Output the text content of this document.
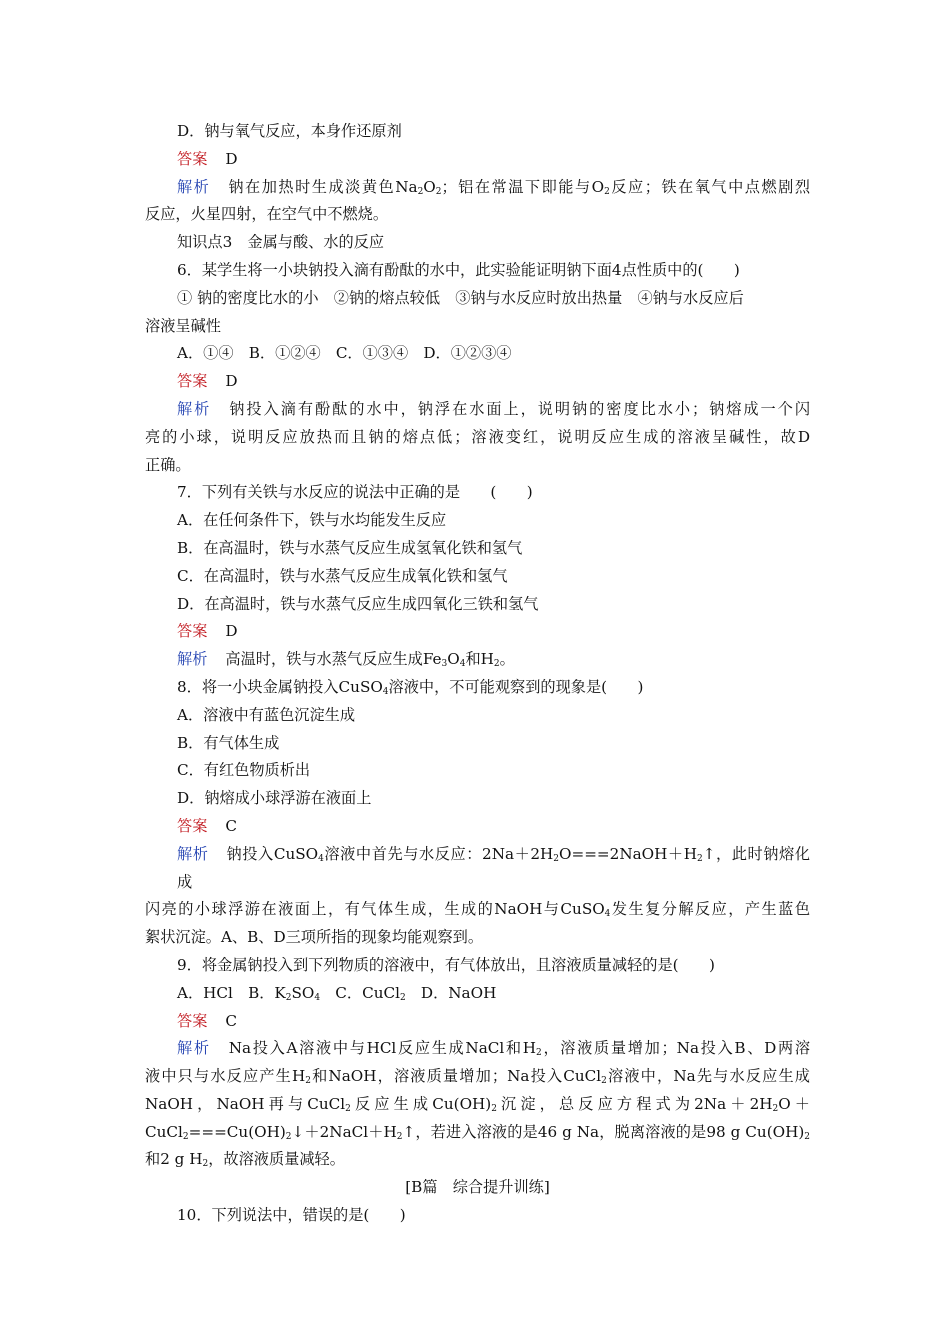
D．钠与氧气反应，本身作还原剂
答案 D
解析 钠在加热时生成淡黄色$Na_2O_2$；铝在常温下即能与$O_2$反应；铁在氧气中点燃剧烈
反应，火星四射，在空气中不燃烧。
知识点3　金属与酸、水的反应
6．某学生将一小块钠投入滴有酚酞的水中，此实验能证明钠下面4点性质中的(　　)
① 钠的密度比水的小　②钠的熔点较低　③钠与水反应时放出热量　④钠与水反应后
溶液呈碱性
A．①④　B．①②④　C．①③④　D．①②③④
答案 D
解析 钠投入滴有酚酞的水中，钠浮在水面上，说明钠的密度比水小；钠熔成一个闪
亮的小球，说明反应放热而且钠的熔点低；溶液变红，说明反应生成的溶液呈碱性，故D
正确。
7．下列有关铁与水反应的说法中正确的是　　(　　)
A．在任何条件下，铁与水均能发生反应
B．在高温时，铁与水蒸气反应生成氢氧化铁和氢气
C．在高温时，铁与水蒸气反应生成氧化铁和氢气
D．在高温时，铁与水蒸气反应生成四氧化三铁和氢气
答案 D
解析 高温时，铁与水蒸气反应生成$Fe_3O_4$和$H_2$。
8．将一小块金属钠投入CuSO$_4$溶液中，不可能观察到的现象是(　　)
A．溶液中有蓝色沉淀生成
B．有气体生成
C．有红色物质析出
D．钠熔成小球浮游在液面上
答案 C
解析 钠投入CuSO$_4$溶液中首先与水反应：$2Na+2H_2O===2NaOH+H_2↑$，此时钠熔化成
闪亮的小球浮游在液面上，有气体生成，生成的NaOH与CuSO$_4$发生复分解反应，产生蓝色
絮状沉淀。A、B、D三项所指的现象均能观察到。
9．将金属钠投入到下列物质的溶液中，有气体放出，且溶液质量减轻的是(　　)
A．HCl　B．$K_2SO_4$　C．CuCl$_2$　D．NaOH
答案 C
解析 Na投入A溶液中与HCl反应生成NaCl和$H_2$，溶液质量增加；Na投入B、D两溶
液中只与水反应产生$H_2$和NaOH，溶液质量增加；Na投入CuCl$_2$溶液中，Na先与水反应生成
NaOH，NaOH再与CuCl$_2$反应生成$Cu(OH)_2$沉淀，总反应方程式为$2Na+2H_2O+$
$CuCl_2===Cu(OH)_2↓+2NaCl+H_2↑$，若进入溶液的是46 g Na，脱离溶液的是98 g $Cu(OH)_2$
和2 g $H_2$，故溶液质量减轻。
[B篇　综合提升训练]
10．下列说法中，错误的是(　　)
